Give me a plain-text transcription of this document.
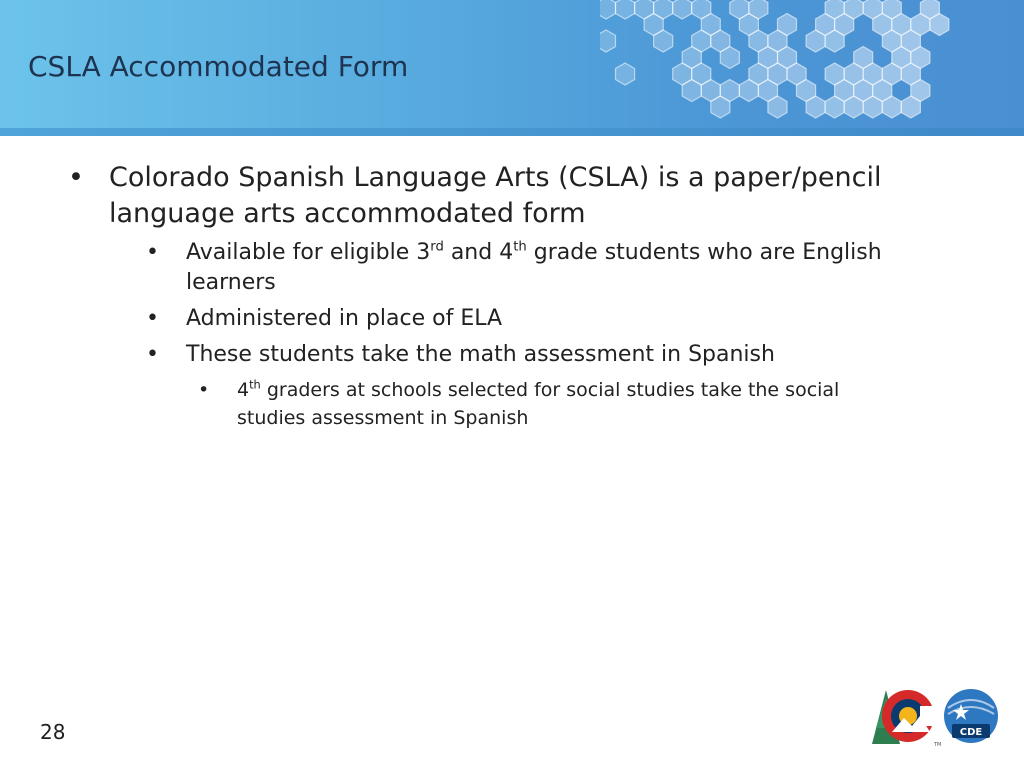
CSLA Accommodated Form
• Colorado Spanish Language Arts (CSLA) is a paper/pencil language arts accommodated form
• Available for eligible 3rd and 4th grade students who are English learners
• Administered in place of ELA
• These students take the math assessment in Spanish
• 4th graders at schools selected for social studies take the social studies assessment in Spanish
28	CDE
TM
